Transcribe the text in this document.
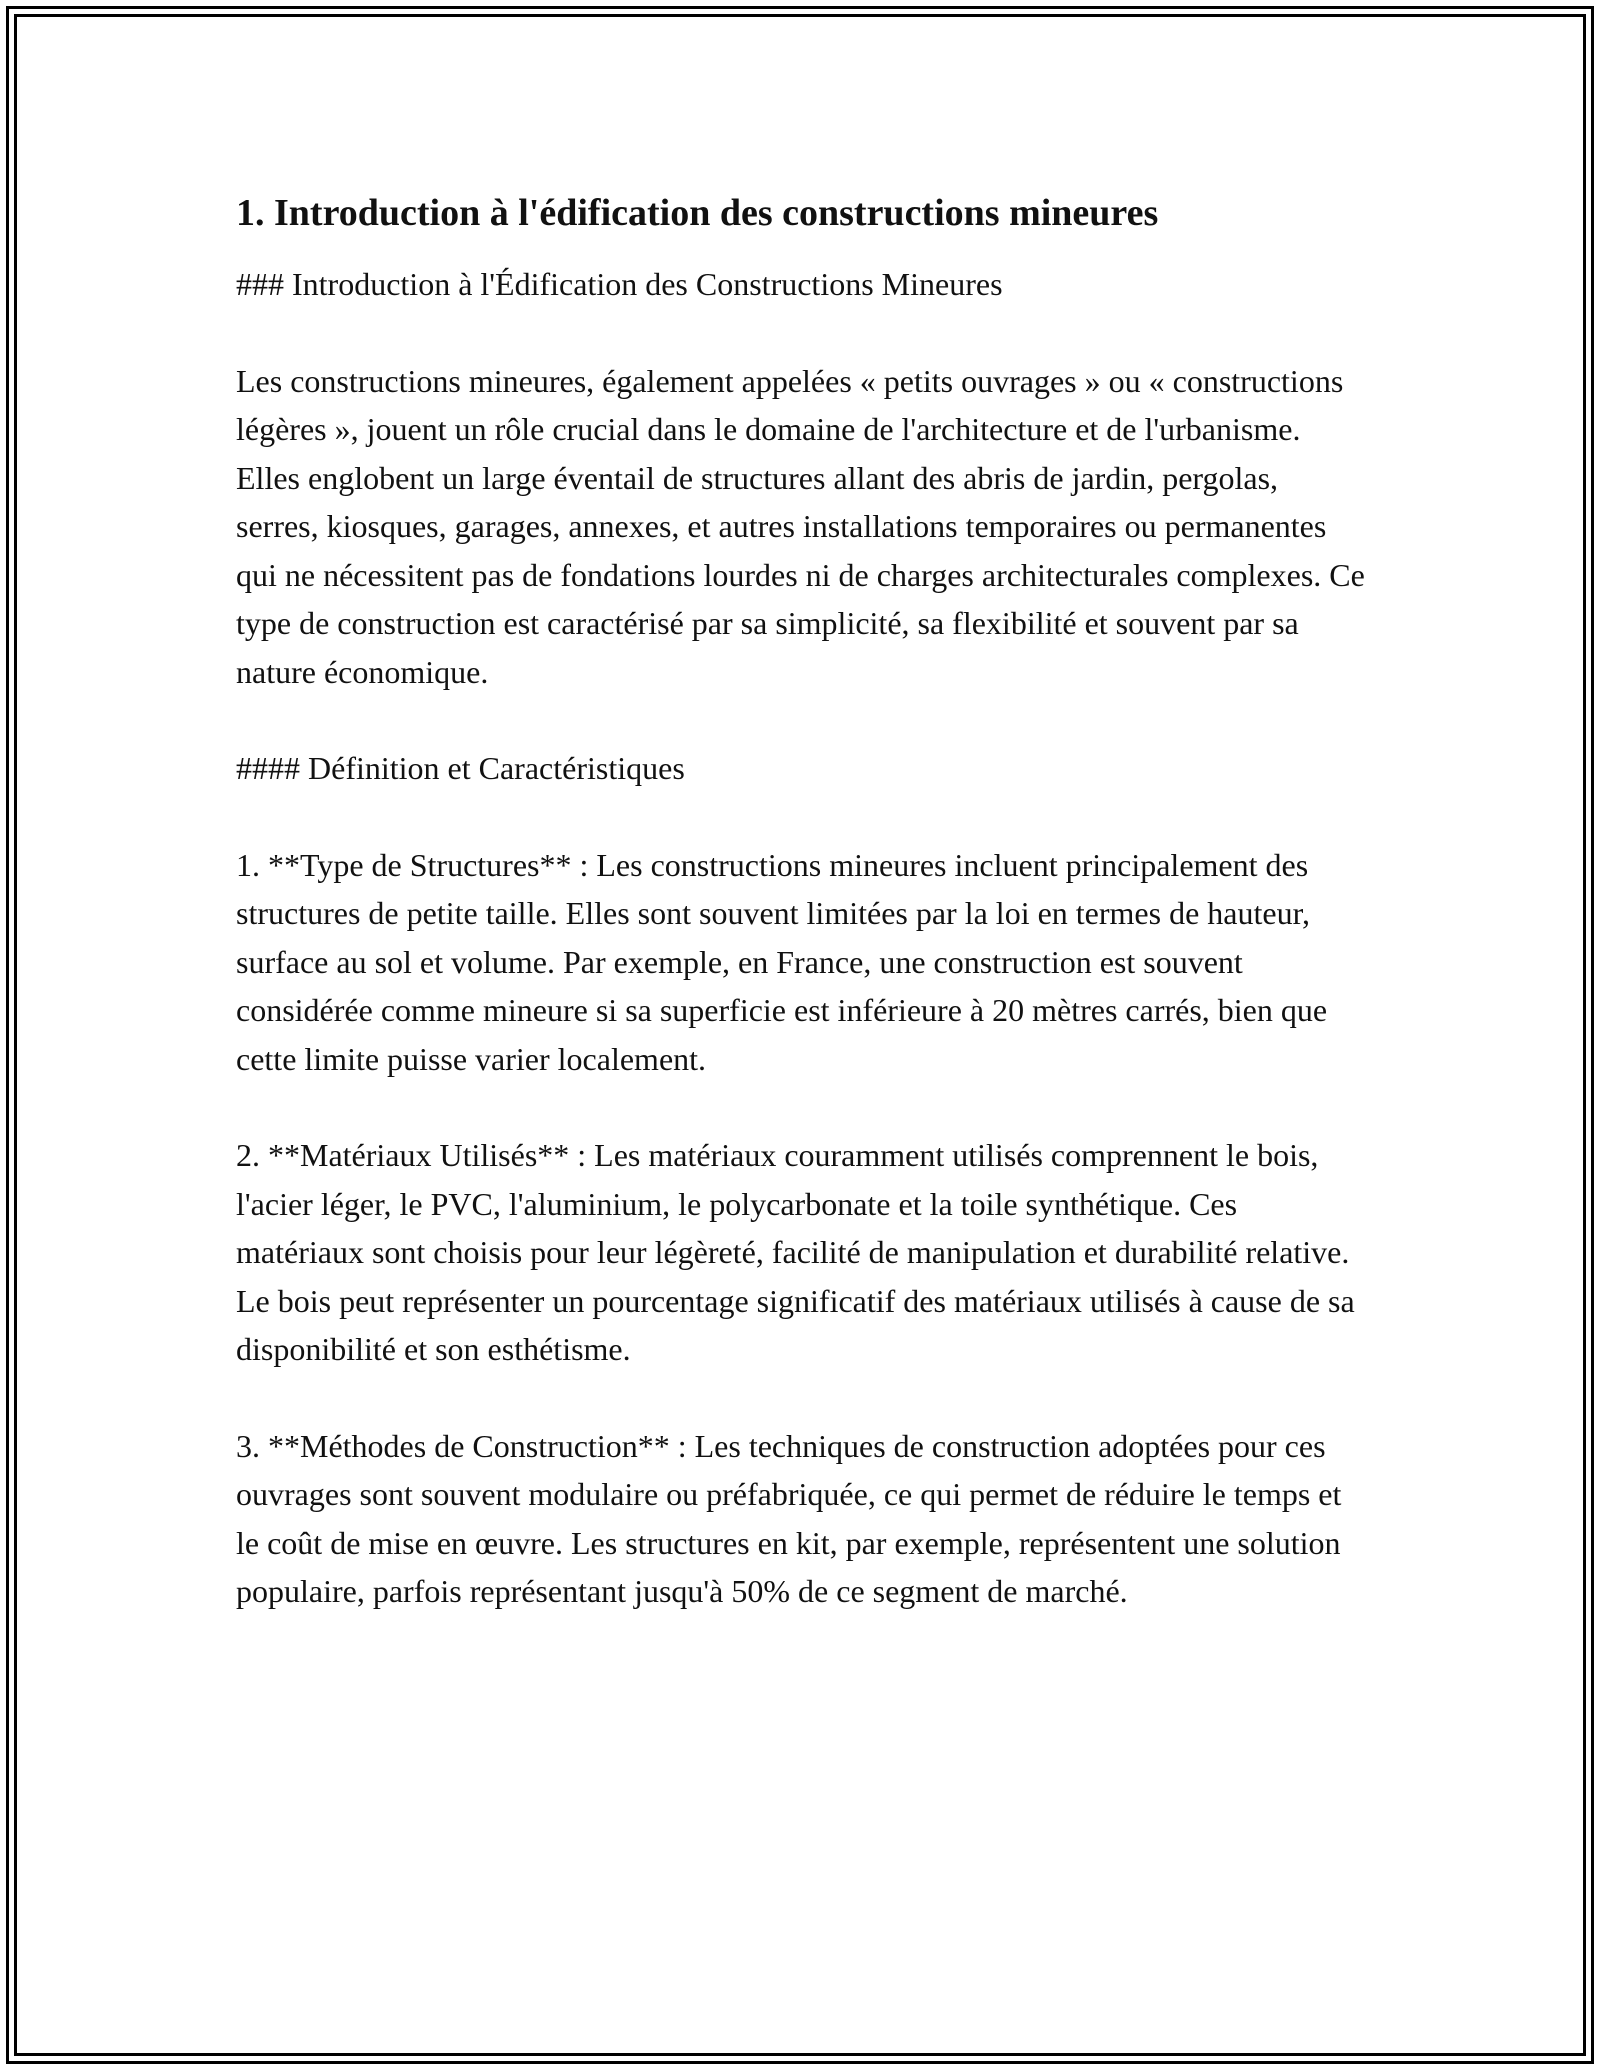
1. Introduction à l'édification des constructions mineures

### Introduction à l'Édification des Constructions Mineures

Les constructions mineures, également appelées « petits ouvrages » ou « constructions légères », jouent un rôle crucial dans le domaine de l'architecture et de l'urbanisme. Elles englobent un large éventail de structures allant des abris de jardin, pergolas, serres, kiosques, garages, annexes, et autres installations temporaires ou permanentes qui ne nécessitent pas de fondations lourdes ni de charges architecturales complexes. Ce type de construction est caractérisé par sa simplicité, sa flexibilité et souvent par sa nature économique.

#### Définition et Caractéristiques

1. **Type de Structures** : Les constructions mineures incluent principalement des structures de petite taille. Elles sont souvent limitées par la loi en termes de hauteur, surface au sol et volume. Par exemple, en France, une construction est souvent considérée comme mineure si sa superficie est inférieure à 20 mètres carrés, bien que cette limite puisse varier localement.

2. **Matériaux Utilisés** : Les matériaux couramment utilisés comprennent le bois, l'acier léger, le PVC, l'aluminium, le polycarbonate et la toile synthétique. Ces matériaux sont choisis pour leur légèreté, facilité de manipulation et durabilité relative. Le bois peut représenter un pourcentage significatif des matériaux utilisés à cause de sa disponibilité et son esthétisme.

3. **Méthodes de Construction** : Les techniques de construction adoptées pour ces ouvrages sont souvent modulaire ou préfabriquée, ce qui permet de réduire le temps et le coût de mise en œuvre. Les structures en kit, par exemple, représentent une solution populaire, parfois représentant jusqu'à 50% de ce segment de marché.
